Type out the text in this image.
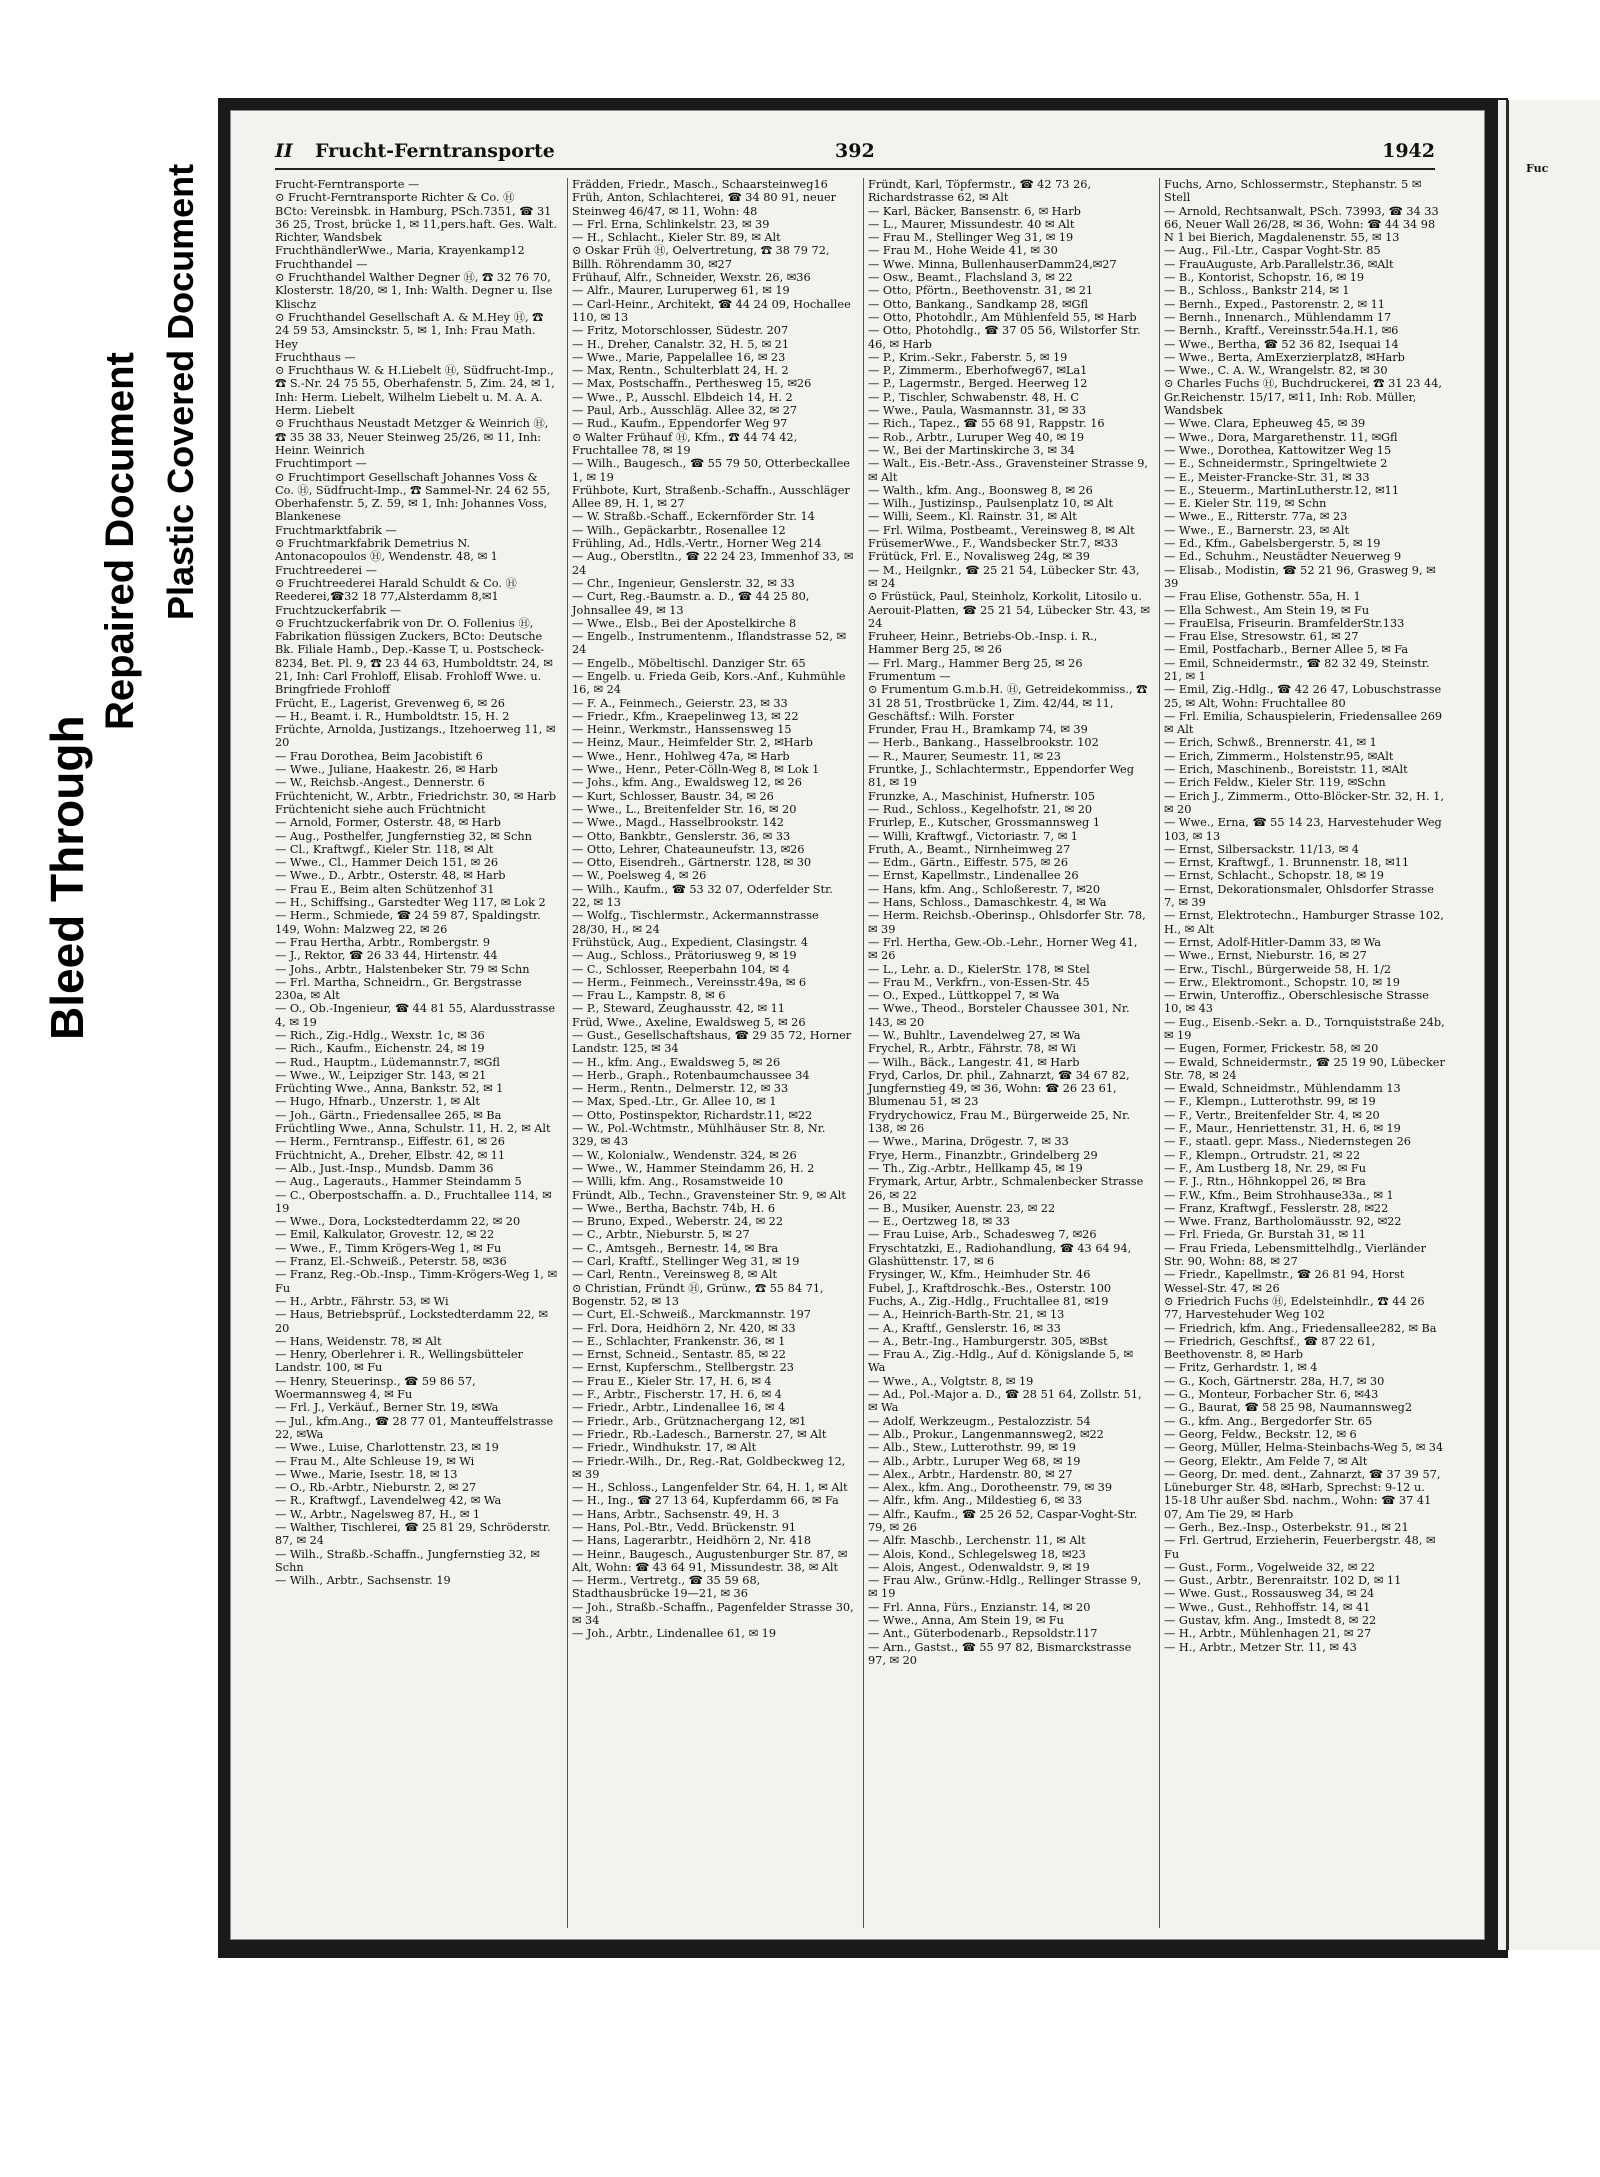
Bleed Through
Repaired Document Plastic Covered Document	Fuc
II Frucht-Ferntransporte	392	1942

Frucht-Ferntransporte —

⊙ Frucht-Ferntransporte Richter & Co. Ⓗ

BCto: Vereinsbk. in Hamburg, PSch.7351, ☎ 31 36 25, Trost, brücke 1, ✉ 11,pers.haft. Ges. Walt. Richter, Wandsbek

FruchthändlerWwe., Maria, Krayenkamp12

Fruchthandel —

⊙ Fruchthandel Walther Degner Ⓗ, ☎ 32 76 70, Klosterstr. 18/20, ✉ 1, Inh: Walth. Degner u. Ilse Klischz

⊙ Fruchthandel Gesellschaft A. & M.Hey Ⓗ, ☎ 24 59 53, Amsinckstr. 5, ✉ 1, Inh: Frau Math. Hey

Fruchthaus —

⊙ Fruchthaus W. & H.Liebelt Ⓗ, Südfrucht-Imp., ☎ S.-Nr. 24 75 55, Oberhafenstr. 5, Zim. 24, ✉ 1, Inh: Herm. Liebelt, Wilhelm Liebelt u. M. A. A. Herm. Liebelt

⊙ Fruchthaus Neustadt Metzger & Weinrich Ⓗ, ☎ 35 38 33, Neuer Steinweg 25/26, ✉ 11, Inh: Heinr. Weinrich

Fruchtimport —

⊙ Fruchtimport Gesellschaft Johannes Voss & Co. Ⓗ, Südfrucht-Imp., ☎ Sammel-Nr. 24 62 55, Oberhafenstr. 5, Z. 59, ✉ 1, Inh: Johannes Voss, Blankenese

Fruchtmarktfabrik —

⊙ Fruchtmarkfabrik Demetrius N. Antonacopoulos Ⓗ, Wendenstr. 48, ✉ 1

Fruchtreederei —

⊙ Fruchtreederei Harald Schuldt & Co. Ⓗ

Reederei,☎32 18 77,Alsterdamm 8,✉1

Fruchtzuckerfabrik —

⊙ Fruchtzuckerfabrik von Dr. O. Follenius Ⓗ, Fabrikation flüssigen Zuckers, BCto: Deutsche Bk. Filiale Hamb., Dep.-Kasse T, u. Postscheck-8234, Bet. Pl. 9, ☎ 23 44 63, Humboldtstr. 24, ✉ 21, Inh: Carl Frohloff, Elisab. Frohloff Wwe. u. Bringfriede Frohloff

Frücht, E., Lagerist, Grevenweg 6, ✉ 26

— H., Beamt. i. R., Humboldtstr. 15, H. 2

Früchte, Arnolda, Justizangs., Itzehoerweg 11, ✉ 20

— Frau Dorothea, Beim Jacobistift 6

— Wwe., Juliane, Haakestr. 26, ✉ Harb

— W., Reichsb.-Angest., Dennerstr. 6

Früchtenicht, W., Arbtr., Friedrichstr. 30, ✉ Harb

Früchtenicht siehe auch Früchtnicht

— Arnold, Former, Osterstr. 48, ✉ Harb

— Aug., Posthelfer, Jungfernstieg 32, ✉ Schn

— Cl., Kraftwgf., Kieler Str. 118, ✉ Alt

— Wwe., Cl., Hammer Deich 151, ✉ 26

— Wwe., D., Arbtr., Osterstr. 48, ✉ Harb

— Frau E., Beim alten Schützenhof 31

— H., Schiffsing., Garstedter Weg 117, ✉ Lok 2

— Herm., Schmiede, ☎ 24 59 87, Spaldingstr. 149, Wohn: Malzweg 22, ✉ 26

— Frau Hertha, Arbtr., Rombergstr. 9

— J., Rektor, ☎ 26 33 44, Hirtenstr. 44

— Johs., Arbtr., Halstenbeker Str. 79 ✉ Schn

— Frl. Martha, Schneidrn., Gr. Bergstrasse 230a, ✉ Alt

— O., Ob.-Ingenieur, ☎ 44 81 55, Alardusstrasse 4, ✉ 19

— Rich., Zig.-Hdlg., Wexstr. 1c, ✉ 36

— Rich., Kaufm., Eichenstr. 24, ✉ 19

— Rud., Hauptm., Lüdemannstr.7, ✉Gfl

— Wwe., W., Leipziger Str. 143, ✉ 21

Früchting Wwe., Anna, Bankstr. 52, ✉ 1

— Hugo, Hfnarb., Unzerstr. 1, ✉ Alt

— Joh., Gärtn., Friedensallee 265, ✉ Ba

Früchtling Wwe., Anna, Schulstr. 11, H. 2, ✉ Alt

— Herm., Ferntransp., Eiffestr. 61, ✉ 26

Früchtnicht, A., Dreher, Elbstr. 42, ✉ 11

— Alb., Just.-Insp., Mundsb. Damm 36

— Aug., Lagerauts., Hammer Steindamm 5

— C., Oberpostschaffn. a. D., Fruchtallee 114, ✉ 19

— Wwe., Dora, Lockstedterdamm 22, ✉ 20

— Emil, Kalkulator, Grovestr. 12, ✉ 22

— Wwe., F., Timm Krögers-Weg 1, ✉ Fu

— Franz, El.-Schweiß., Peterstr. 58, ✉36

— Franz, Reg.-Ob.-Insp., Timm-Krögers-Weg 1, ✉ Fu

— H., Arbtr., Fährstr. 53, ✉ Wi

— Haus, Betriebsprüf., Lockstedterdamm 22, ✉ 20

— Hans, Weidenstr. 78, ✉ Alt

— Henry, Oberlehrer i. R., Wellingsbütteler Landstr. 100, ✉ Fu

— Henry, Steuerinsp., ☎ 59 86 57, Woermannsweg 4, ✉ Fu

— Frl. J., Verkäuf., Berner Str. 19, ✉Wa

— Jul., kfm.Ang., ☎ 28 77 01, Manteuffelstrasse 22, ✉Wa

— Wwe., Luise, Charlottenstr. 23, ✉ 19

— Frau M., Alte Schleuse 19, ✉ Wi

— Wwe., Marie, Isestr. 18, ✉ 13

— O., Rb.-Arbtr., Nieburstr. 2, ✉ 27

— R., Kraftwgf., Lavendelweg 42, ✉ Wa

— W., Arbtr., Nagelsweg 87, H., ✉ 1

— Walther, Tischlerei, ☎ 25 81 29, Schröderstr. 87, ✉ 24

— Wilh., Straßb.-Schaffn., Jungfernstieg 32, ✉ Schn

— Wilh., Arbtr., Sachsenstr. 19

Frädden, Friedr., Masch., Schaarsteinweg16

Früh, Anton, Schlachterei, ☎ 34 80 91, neuer Steinweg 46/47, ✉ 11, Wohn: 48

— Frl. Erna, Schlinkelstr. 23, ✉ 39

— H., Schlacht., Kieler Str. 89, ✉ Alt

⊙ Oskar Früh Ⓗ, Oelvertretung, ☎ 38 79 72, Billh. Röhrendamm 30, ✉27

Frühauf, Alfr., Schneider, Wexstr. 26, ✉36

— Alfr., Maurer, Luruperweg 61, ✉ 19

— Carl-Heinr., Architekt, ☎ 44 24 09, Hochallee 110, ✉ 13

— Fritz, Motorschlosser, Südestr. 207

— H., Dreher, Canalstr. 32, H. 5, ✉ 21

— Wwe., Marie, Pappelallee 16, ✉ 23

— Max, Rentn., Schulterblatt 24, H. 2

— Max, Postschaffn., Perthesweg 15, ✉26

— Wwe., P., Ausschl. Elbdeich 14, H. 2

— Paul, Arb., Ausschläg. Allee 32, ✉ 27

— Rud., Kaufm., Eppendorfer Weg 97

⊙ Walter Frühauf Ⓗ, Kfm., ☎ 44 74 42, Fruchtallee 78, ✉ 19

— Wilh., Baugesch., ☎ 55 79 50, Otterbeckallee 1, ✉ 19

Frühbote, Kurt, Straßenb.-Schaffn., Ausschläger Allee 89, H. 1, ✉ 27

— W. Straßb.-Schaff., Eckernförder Str. 14

— Wilh., Gepäckarbtr., Rosenallee 12

Frühling, Ad., Hdls.-Vertr., Horner Weg 214

— Aug., Oberstltn., ☎ 22 24 23, Immenhof 33, ✉ 24

— Chr., Ingenieur, Genslerstr. 32, ✉ 33

— Curt, Reg.-Baumstr. a. D., ☎ 44 25 80, Johnsallee 49, ✉ 13

— Wwe., Elsb., Bei der Apostelkirche 8

— Engelb., Instrumentenm., Iflandstrasse 52, ✉ 24

— Engelb., Möbeltischl. Danziger Str. 65

— Engelb. u. Frieda Geib, Kors.-Anf., Kuhmühle 16, ✉ 24

— F. A., Feinmech., Geierstr. 23, ✉ 33

— Friedr., Kfm., Kraepelinweg 13, ✉ 22

— Heinr., Werkmstr., Hanssensweg 15

— Heinz, Maur., Heimfelder Str. 2, ✉Harb

— Wwe., Henr., Hohlweg 47a, ✉ Harb

— Wwe., Henr., Peter-Cölln-Weg 8, ✉ Lok 1

— Johs., kfm. Ang., Ewaldsweg 12, ✉ 26

— Kurt, Schlosser, Baustr. 34, ✉ 26

— Wwe., L., Breitenfelder Str. 16, ✉ 20

— Wwe., Magd., Hasselbrookstr. 142

— Otto, Bankbtr., Genslerstr. 36, ✉ 33

— Otto, Lehrer, Chateauneufstr. 13, ✉26

— Otto, Eisendreh., Gärtnerstr. 128, ✉ 30

— W., Poelsweg 4, ✉ 26

— Wilh., Kaufm., ☎ 53 32 07, Oderfelder Str. 22, ✉ 13

— Wolfg., Tischlermstr., Ackermannstrasse 28/30, H., ✉ 24

Frühstück, Aug., Expedient, Clasingstr. 4

— Aug., Schloss., Prätoriusweg 9, ✉ 19

— C., Schlosser, Reeperbahn 104, ✉ 4

— Herm., Feinmech., Vereinsstr.49a, ✉ 6

— Frau L., Kampstr. 8, ✉ 6

— P., Steward, Zeughausstr. 42, ✉ 11

Früd, Wwe., Axeline, Ewaldsweg 5, ✉ 26

— Gust., Gesellschaftshaus, ☎ 29 35 72, Horner Landstr. 125, ✉ 34

— H., kfm. Ang., Ewaldsweg 5, ✉ 26

— Herb., Graph., Rotenbaumchaussee 34

— Herm., Rentn., Delmerstr. 12, ✉ 33

— Max, Sped.-Ltr., Gr. Allee 10, ✉ 1

— Otto, Postinspektor, Richardstr.11, ✉22

— W., Pol.-Wchtmstr., Mühlhäuser Str. 8, Nr. 329, ✉ 43

— W., Kolonialw., Wendenstr. 324, ✉ 26

— Wwe., W., Hammer Steindamm 26, H. 2

— Willi, kfm. Ang., Rosamstweide 10

Fründt, Alb., Techn., Gravensteiner Str. 9, ✉ Alt

— Wwe., Bertha, Bachstr. 74b, H. 6

— Bruno, Exped., Weberstr. 24, ✉ 22

— C., Arbtr., Nieburstr. 5, ✉ 27

— C., Amtsgeh., Bernestr. 14, ✉ Bra

— Carl, Kraftf., Stellinger Weg 31, ✉ 19

— Carl, Rentn., Vereinsweg 8, ✉ Alt

⊙ Christian, Fründt Ⓗ, Grünw., ☎ 55 84 71, Bogenstr. 52, ✉ 13

— Curt, El.-Schweiß., Marckmannstr. 197

— Frl. Dora, Heidhörn 2, Nr. 420, ✉ 33

— E., Schlachter, Frankenstr. 36, ✉ 1

— Ernst, Schneid., Sentastr. 85, ✉ 22

— Ernst, Kupferschm., Stellbergstr. 23

— Frau E., Kieler Str. 17, H. 6, ✉ 4

— F., Arbtr., Fischerstr. 17, H. 6, ✉ 4

— Friedr., Arbtr., Lindenallee 16, ✉ 4

— Friedr., Arb., Grütznachergang 12, ✉1

— Friedr., Rb.-Ladesch., Barnerstr. 27, ✉ Alt

— Friedr., Windhukstr. 17, ✉ Alt

— Friedr.-Wilh., Dr., Reg.-Rat, Goldbeckweg 12, ✉ 39

— H., Schloss., Langenfelder Str. 64, H. 1, ✉ Alt

— H., Ing., ☎ 27 13 64, Kupferdamm 66, ✉ Fa

— Hans, Arbtr., Sachsenstr. 49, H. 3

— Hans, Pol.-Btr., Vedd. Brückenstr. 91

— Hans, Lagerarbtr., Heidhörn 2, Nr. 418

— Heinr., Baugesch., Augustenburger Str. 87, ✉ Alt, Wohn: ☎ 43 64 91, Missundestr. 38, ✉ Alt

— Herm., Vertretg., ☎ 35 59 68, Stadthausbrücke 19—21, ✉ 36

— Joh., Straßb.-Schaffn., Pagenfelder Strasse 30, ✉ 34

— Joh., Arbtr., Lindenallee 61, ✉ 19

Fründt, Karl, Töpfermstr., ☎ 42 73 26, Richardstrasse 62, ✉ Alt

— Karl, Bäcker, Bansenstr. 6, ✉ Harb

— L., Maurer, Missundestr. 40 ✉ Alt

— Frau M., Stellinger Weg 31, ✉ 19

— Frau M., Hohe Weide 41, ✉ 30

— Wwe. Minna, BullenhauserDamm24,✉27

— Osw., Beamt., Flachsland 3, ✉ 22

— Otto, Pförtn., Beethovenstr. 31, ✉ 21

— Otto, Bankang., Sandkamp 28, ✉Gfl

— Otto, Photohdlr., Am Mühlenfeld 55, ✉ Harb

— Otto, Photohdlg., ☎ 37 05 56, Wilstorfer Str. 46, ✉ Harb

— P., Krim.-Sekr., Faberstr. 5, ✉ 19

— P., Zimmerm., Eberhofweg67, ✉La1

— P., Lagermstr., Berged. Heerweg 12

— P., Tischler, Schwabenstr. 48, H. C

— Wwe., Paula, Wasmannstr. 31, ✉ 33

— Rich., Tapez., ☎ 55 68 91, Rappstr. 16

— Rob., Arbtr., Luruper Weg 40, ✉ 19

— W., Bei der Martinskirche 3, ✉ 34

— Walt., Eis.-Betr.-Ass., Gravensteiner Strasse 9, ✉ Alt

— Walth., kfm. Ang., Boonsweg 8, ✉ 26

— Wilh., Justizinsp., Paulsenplatz 10, ✉ Alt

— Willi, Seem., Kl. Rainstr. 31, ✉ Alt

— Frl. Wilma, Postbeamt., Vereinsweg 8, ✉ Alt

FrüsemerWwe., F., Wandsbecker Str.7, ✉33

Frütück, Frl. E., Novalisweg 24g, ✉ 39

— M., Heilgnkr., ☎ 25 21 54, Lübecker Str. 43, ✉ 24

⊙ Früstück, Paul, Steinholz, Korkolit, Litosilo u. Aerouit-Platten, ☎ 25 21 54, Lübecker Str. 43, ✉ 24

Fruheer, Heinr., Betriebs-Ob.-Insp. i. R., Hammer Berg 25, ✉ 26

— Frl. Marg., Hammer Berg 25, ✉ 26

Frumentum —

⊙ Frumentum G.m.b.H. Ⓗ, Getreidekommiss., ☎ 31 28 51, Trostbrücke 1, Zim. 42/44, ✉ 11, Geschäftsf.: Wilh. Forster

Frunder, Frau H., Bramkamp 74, ✉ 39

— Herb., Bankang., Hasselbrookstr. 102

— R., Maurer, Seumestr. 11, ✉ 23

Fruntke, J., Schlachtermstr., Eppendorfer Weg 81, ✉ 19

Frunzke, A., Maschinist, Hufnerstr. 105

— Rud., Schloss., Kegelhofstr. 21, ✉ 20

Frurlep, E., Kutscher, Grossmannsweg 1

— Willi, Kraftwgf., Victoriastr. 7, ✉ 1

Fruth, A., Beamt., Nirnheimweg 27

— Edm., Gärtn., Eiffestr. 575, ✉ 26

— Ernst, Kapellmstr., Lindenallee 26

— Hans, kfm. Ang., Schloßerestr. 7, ✉20

— Hans, Schloss., Damaschkestr. 4, ✉ Wa

— Herm. Reichsb.-Oberinsp., Ohlsdorfer Str. 78, ✉ 39

— Frl. Hertha, Gew.-Ob.-Lehr., Horner Weg 41, ✉ 26

— L., Lehr. a. D., KielerStr. 178, ✉ Stel

— Frau M., Verkfrn., von-Essen-Str. 45

— O., Exped., Lüttkoppel 7, ✉ Wa

— Wwe., Theod., Borsteler Chaussee 301, Nr. 143, ✉ 20

— W., Buhltr., Lavendelweg 27, ✉ Wa

Frychel, R., Arbtr., Fährstr. 78, ✉ Wi

— Wilh., Bäck., Langestr. 41, ✉ Harb

Fryd, Carlos, Dr. phil., Zahnarzt, ☎ 34 67 82, Jungfernstieg 49, ✉ 36, Wohn: ☎ 26 23 61, Blumenau 51, ✉ 23

Frydrychowicz, Frau M., Bürgerweide 25, Nr. 138, ✉ 26

— Wwe., Marina, Drögestr. 7, ✉ 33

Frye, Herm., Finanzbtr., Grindelberg 29

— Th., Zig.-Arbtr., Hellkamp 45, ✉ 19

Frymark, Artur, Arbtr., Schmalenbecker Strasse 26, ✉ 22

— B., Musiker, Auenstr. 23, ✉ 22

— E., Oertzweg 18, ✉ 33

— Frau Luise, Arb., Schadesweg 7, ✉26

Fryschtatzki, E., Radiohandlung, ☎ 43 64 94, Glashüttenstr. 17, ✉ 6

Frysinger, W., Kfm., Heimhuder Str. 46

Fubel, J., Kraftdroschk.-Bes., Osterstr. 100

Fuchs, A., Zig.-Hdlg., Fruchtallee 81, ✉19

— A., Heinrich-Barth-Str. 21, ✉ 13

— A., Kraftf., Genslerstr. 16, ✉ 33

— A., Betr.-Ing., Hamburgerstr. 305, ✉Bst

— Frau A., Zig.-Hdlg., Auf d. Königslande 5, ✉ Wa

— Wwe., A., Volgtstr. 8, ✉ 19

— Ad., Pol.-Major a. D., ☎ 28 51 64, Zollstr. 51, ✉ Wa

— Adolf, Werkzeugm., Pestalozzistr. 54

— Alb., Prokur., Langenmannsweg2, ✉22

— Alb., Stew., Lutterothstr. 99, ✉ 19

— Alb., Arbtr., Luruper Weg 68, ✉ 19

— Alex., Arbtr., Hardenstr. 80, ✉ 27

— Alex., kfm. Ang., Dorotheenstr. 79, ✉ 39

— Alfr., kfm. Ang., Mildestieg 6, ✉ 33

— Alfr., Kaufm., ☎ 25 26 52, Caspar-Voght-Str. 79, ✉ 26

— Alfr. Maschb., Lerchenstr. 11, ✉ Alt

— Alois, Kond., Schlegelsweg 18, ✉23

— Alois, Angest., Odenwaldstr. 9, ✉ 19

— Frau Alw., Grünw.-Hdlg., Rellinger Strasse 9, ✉ 19

— Frl. Anna, Fürs., Enzianstr. 14, ✉ 20

— Wwe., Anna, Am Stein 19, ✉ Fu

— Ant., Güterbodenarb., Repsoldstr.117

— Arn., Gastst., ☎ 55 97 82, Bismarckstrasse 97, ✉ 20

Fuchs, Arno, Schlossermstr., Stephanstr. 5 ✉ Stell

— Arnold, Rechtsanwalt, PSch. 73993, ☎ 34 33 66, Neuer Wall 26/28, ✉ 36, Wohn: ☎ 44 34 98 N 1 bei Bierich, Magdalenenstr. 55, ✉ 13

— Aug., Fil.-Ltr., Caspar Voght-Str. 85

— FrauAuguste, Arb.Parallelstr.36, ✉Alt

— B., Kontorist, Schopstr. 16, ✉ 19

— B., Schloss., Bankstr 214, ✉ 1

— Bernh., Exped., Pastorenstr. 2, ✉ 11

— Bernh., Innenarch., Mühlendamm 17

— Bernh., Kraftf., Vereinsstr.54a.H.1, ✉6

— Wwe., Bertha, ☎ 52 36 82, Isequai 14

— Wwe., Berta, AmExerzierplatz8, ✉Harb

— Wwe., C. A. W., Wrangelstr. 82, ✉ 30

⊙ Charles Fuchs Ⓗ, Buchdruckerei, ☎ 31 23 44, Gr.Reichenstr. 15/17, ✉11, Inh: Rob. Müller, Wandsbek

— Wwe. Clara, Epheuweg 45, ✉ 39

— Wwe., Dora, Margarethenstr. 11, ✉Gfl

— Wwe., Dorothea, Kattowitzer Weg 15

— E., Schneidermstr., Springeltwiete 2

— E., Meister-Francke-Str. 31, ✉ 33

— E., Steuerm., MartinLutherstr.12, ✉11

— E. Kieler Str. 119, ✉ Schn

— Wwe., E., Ritterstr. 77a, ✉ 23

— Wwe., E., Barnerstr. 23, ✉ Alt

— Ed., Kfm., Gabelsbergerstr. 5, ✉ 19

— Ed., Schuhm., Neustädter Neuerweg 9

— Elisab., Modistin, ☎ 52 21 96, Grasweg 9, ✉ 39

— Frau Elise, Gothenstr. 55a, H. 1

— Ella Schwest., Am Stein 19, ✉ Fu

— FrauElsa, Friseurin. BramfelderStr.133

— Frau Else, Stresowstr. 61, ✉ 27

— Emil, Postfacharb., Berner Allee 5, ✉ Fa

— Emil, Schneidermstr., ☎ 82 32 49, Steinstr. 21, ✉ 1

— Emil, Zig.-Hdlg., ☎ 42 26 47, Lobuschstrasse 25, ✉ Alt, Wohn: Fruchtallee 80

— Frl. Emilia, Schauspielerin, Friedensallee 269 ✉ Alt

— Erich, Schwß., Brennerstr. 41, ✉ 1

— Erich, Zimmerm., Holstenstr.95, ✉Alt

— Erich, Maschinenb., Boreiststr. 11, ✉Alt

— Erich Feldw., Kieler Str. 119, ✉Schn

— Erich J., Zimmerm., Otto-Blöcker-Str. 32, H. 1, ✉ 20

— Wwe., Erna, ☎ 55 14 23, Harvestehuder Weg 103, ✉ 13

— Ernst, Silbersackstr. 11/13, ✉ 4

— Ernst, Kraftwgf., 1. Brunnenstr. 18, ✉11

— Ernst, Schlacht., Schopstr. 18, ✉ 19

— Ernst, Dekorationsmaler, Ohlsdorfer Strasse 7, ✉ 39

— Ernst, Elektrotechn., Hamburger Strasse 102, H., ✉ Alt

— Ernst, Adolf-Hitler-Damm 33, ✉ Wa

— Wwe., Ernst, Nieburstr. 16, ✉ 27

— Erw., Tischl., Bürgerweide 58, H. 1/2

— Erw., Elektromont., Schopstr. 10, ✉ 19

— Erwin, Unteroffiz., Oberschlesische Strasse 10, ✉ 43

— Eug., Eisenb.-Sekr. a. D., Tornquiststraße 24b, ✉ 19

— Eugen, Former, Frickestr. 58, ✉ 20

— Ewald, Schneidermstr., ☎ 25 19 90, Lübecker Str. 78, ✉ 24

— Ewald, Schneidmstr., Mühlendamm 13

— F., Klempn., Lutterothstr. 99, ✉ 19

— F., Vertr., Breitenfelder Str. 4, ✉ 20

— F., Maur., Henriettenstr. 31, H. 6, ✉ 19

— F., staatl. gepr. Mass., Niedernstegen 26

— F., Klempn., Ortrudstr. 21, ✉ 22

— F., Am Lustberg 18, Nr. 29, ✉ Fu

— F. J., Rtn., Höhnkoppel 26, ✉ Bra

— F.W., Kfm., Beim Strohhause33a., ✉ 1

— Franz, Kraftwgf., Fesslerstr. 28, ✉22

— Wwe. Franz, Bartholomäusstr. 92, ✉22

— Frl. Frieda, Gr. Burstah 31, ✉ 11

— Frau Frieda, Lebensmittelhdlg., Vierländer Str. 90, Wohn: 88, ✉ 27

— Friedr., Kapellmstr., ☎ 26 81 94, Horst Wessel-Str. 47, ✉ 26

⊙ Friedrich Fuchs Ⓗ, Edelsteinhdlr., ☎ 44 26 77, Harvestehuder Weg 102

— Friedrich, kfm. Ang., Friedensallee282, ✉ Ba

— Friedrich, Geschftsf., ☎ 87 22 61, Beethovenstr. 8, ✉ Harb

— Fritz, Gerhardstr. 1, ✉ 4

— G., Koch, Gärtnerstr. 28a, H.7, ✉ 30

— G., Monteur, Forbacher Str. 6, ✉43

— G., Baurat, ☎ 58 25 98, Naumannsweg2

— G., kfm. Ang., Bergedorfer Str. 65

— Georg, Feldw., Beckstr. 12, ✉ 6

— Georg, Müller, Helma-Steinbachs-Weg 5, ✉ 34

— Georg, Elektr., Am Felde 7, ✉ Alt

— Georg, Dr. med. dent., Zahnarzt, ☎ 37 39 57, Lüneburger Str. 48, ✉Harb, Sprechst: 9-12 u. 15-18 Uhr außer Sbd. nachm., Wohn: ☎ 37 41 07, Am Tie 29, ✉ Harb

— Gerh., Bez.-Insp., Osterbekstr. 91., ✉ 21

— Frl. Gertrud, Erzieherin, Feuerbergstr. 48, ✉ Fu

— Gust., Form., Vogelweide 32, ✉ 22

— Gust., Arbtr., Berenraitstr. 102 D, ✉ 11

— Wwe. Gust., Rossausweg 34, ✉ 24

— Wwe., Gust., Rehhoffstr. 14, ✉ 41

— Gustav, kfm. Ang., Imstedt 8, ✉ 22

— H., Arbtr., Mühlenhagen 21, ✉ 27

— H., Arbtr., Metzer Str. 11, ✉ 43
